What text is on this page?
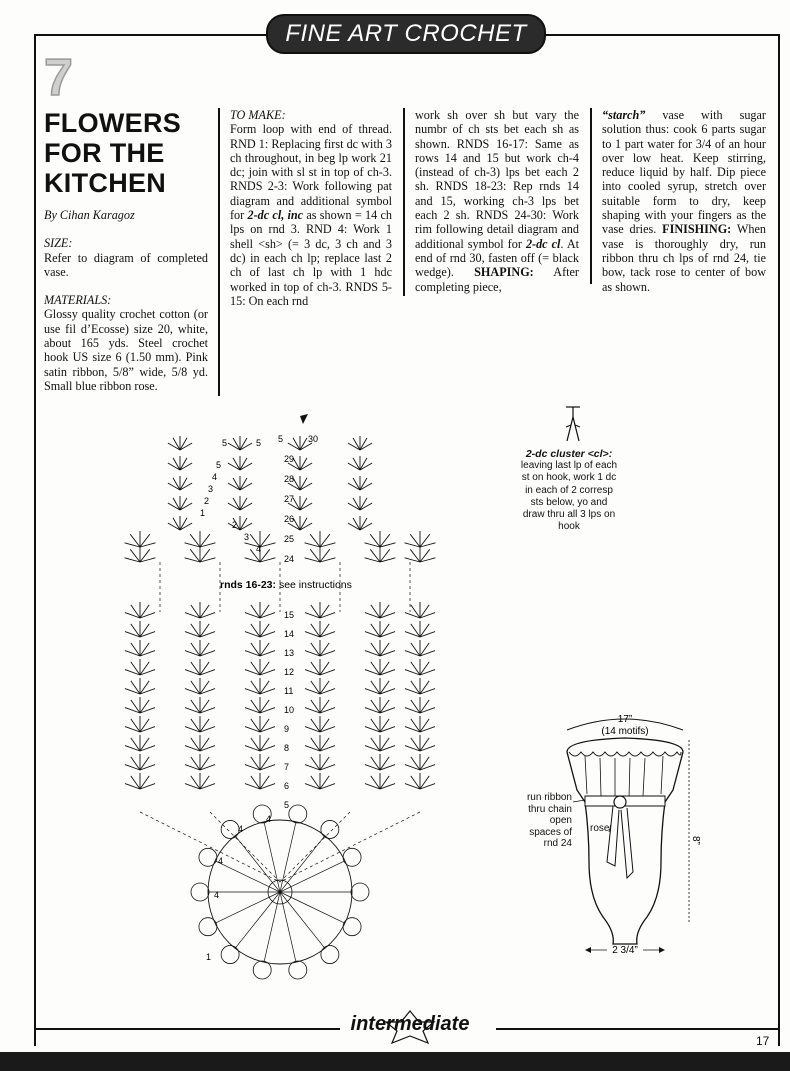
FINE ART CROCHET
7
FLOWERS
FOR THE
KITCHEN
By Cihan Karagoz
SIZE:
Refer to diagram of completed vase.
MATERIALS:
Glossy quality crochet cotton (or use fil d’Ecosse) size 20, white, about 165 yds. Steel crochet hook US size 6 (1.50 mm). Pink satin ribbon, 5/8” wide, 5/8 yd. Small blue ribbon rose.
TO MAKE:
Form loop with end of thread. RND 1: Replacing first dc with 3 ch throughout, in beg lp work 21 dc; join with sl st in top of ch-3. RNDS 2-3: Work following pat diagram and additional symbol for 2-dc cl, inc as shown = 14 ch lps on rnd 3. RND 4: Work 1 shell <sh> (= 3 dc, 3 ch and 3 dc) in each ch lp; replace last 2 ch of last ch lp with 1 hdc worked in top of ch-3. RNDS 5-15: On each rnd
work sh over sh but vary the numbr of ch sts bet each sh as shown. RNDS 16-17: Same as rows 14 and 15 but work ch-4 (instead of ch-3) lps bet each 2 sh. RNDS 18-23: Rep rnds 14 and 15, working ch-3 lps bet each 2 sh. RNDS 24-30: Work rim following detail diagram and additional symbol for 2-dc cl. At end of rnd 30, fasten off (= black wedge). SHAPING: After completing piece,
“starch” vase with sugar solution thus: cook 6 parts sugar to 1 part water for 3/4 of an hour over low heat. Keep stirring, reduce liquid by half. Dip piece into cooled syrup, stretch over suitable form to dry, keep shaping with your fingers as the vase dries. FINISHING: When vase is thoroughly dry, run ribbon thru ch lps of rnd 24, tie bow, tack rose to center of bow as shown.
2-dc cluster <cl>:
leaving last lp of each st on hook, work 1 dc in each of 2 corresp sts below, yo and draw thru all 3 lps on hook
rnds 16-23: see instructions
5	5 5	30
29
28
27
26
25
24
15
14
13
12
11
10
9
8
7
6
5
5
4
3
2
1
2
3
4
4
4
4
4
1
17”
(14 motifs)
8”
2 3/4”
run ribbon thru chain open spaces of rnd 24
rose
intermediate
17
